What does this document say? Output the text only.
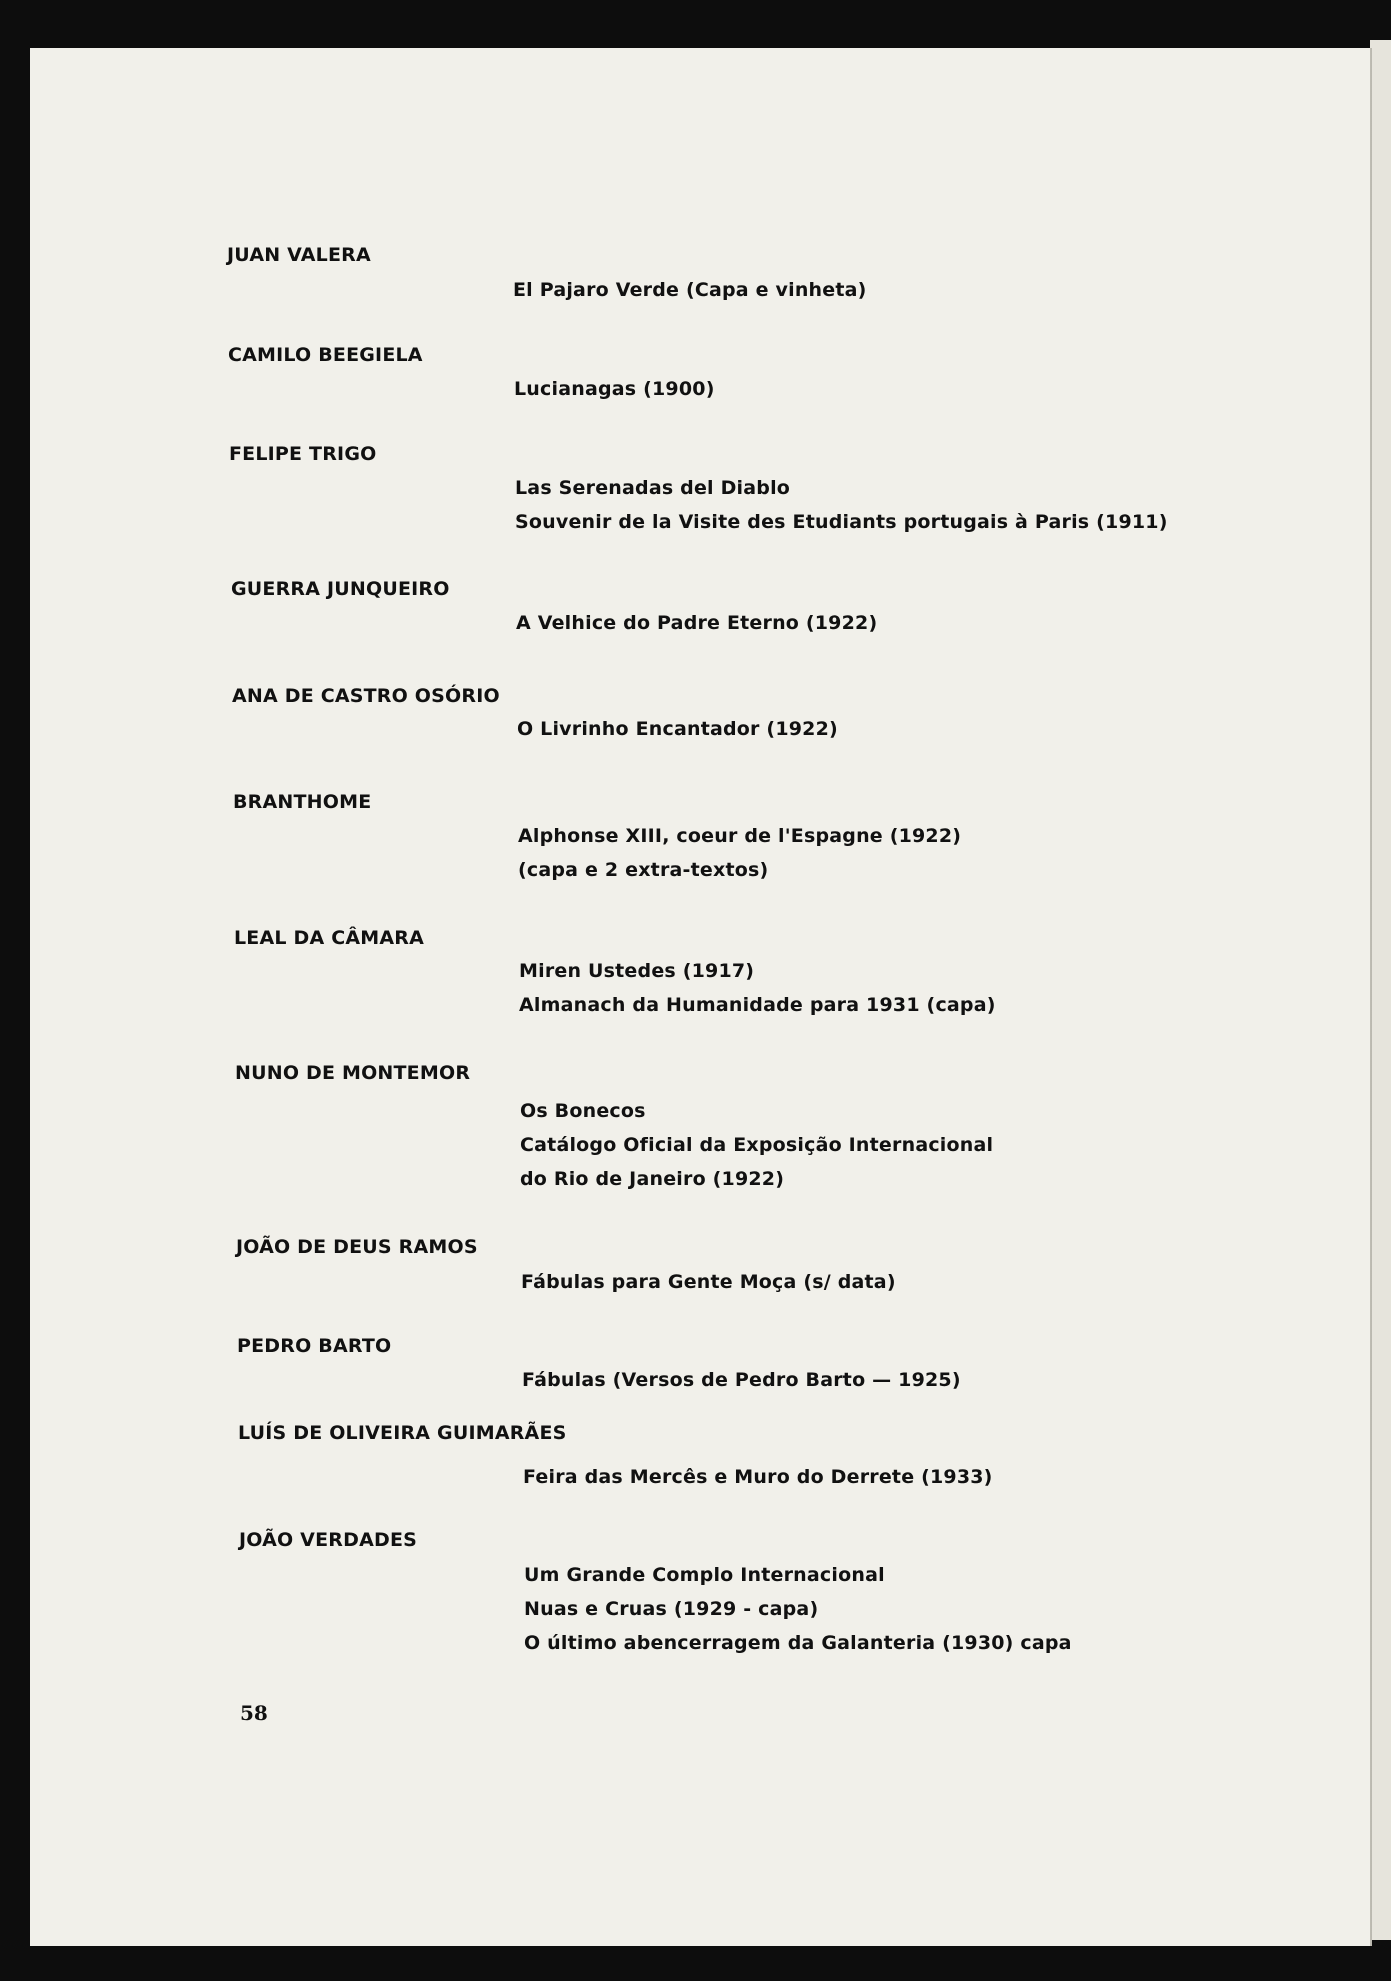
JUAN VALERA
El Pajaro Verde (Capa e vinheta)
CAMILO BEEGIELA
Lucianagas (1900)
FELIPE TRIGO
Las Serenadas del Diablo
Souvenir de la Visite des Etudiants portugais à Paris (1911)
GUERRA JUNQUEIRO
A Velhice do Padre Eterno (1922)
ANA DE CASTRO OSÓRIO
O Livrinho Encantador (1922)
BRANTHOME
Alphonse XIII, coeur de l'Espagne (1922)
(capa e 2 extra-textos)
LEAL DA CÂMARA
Miren Ustedes (1917)
Almanach da Humanidade para 1931 (capa)
NUNO DE MONTEMOR
Os Bonecos
Catálogo Oficial da Exposição Internacional
do Rio de Janeiro (1922)
JOÃO DE DEUS RAMOS
Fábulas para Gente Moça (s/ data)
PEDRO BARTO
Fábulas (Versos de Pedro Barto — 1925)
LUÍS DE OLIVEIRA GUIMARÃES
Feira das Mercês e Muro do Derrete (1933)
JOÃO VERDADES
Um Grande Complo Internacional
Nuas e Cruas (1929 - capa)
O último abencerragem da Galanteria (1930) capa
58
